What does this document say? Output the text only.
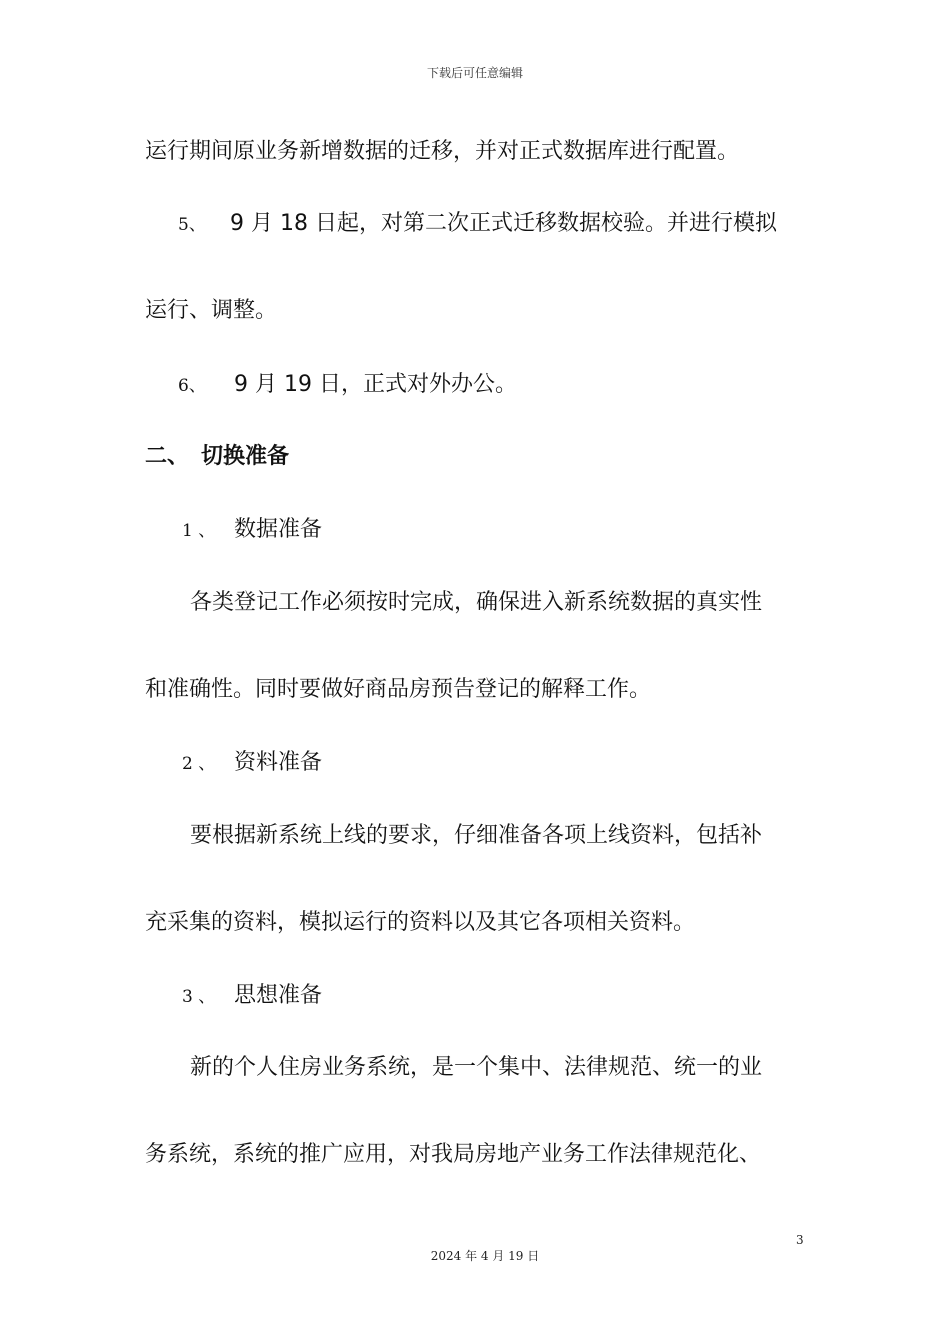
下载后可任意编辑
运行期间原业务新增数据的迁移，并对正式数据库进行配置。
5、 9 月 18 日起，对第二次正式迁移数据校验。并进行模拟
运行、调整。
6、 9 月 19 日，正式对外办公。
二、 切换准备
1 、 数据准备
各类登记工作必须按时完成，确保进入新系统数据的真实性
和准确性。同时要做好商品房预告登记的解释工作。
2 、 资料准备
要根据新系统上线的要求，仔细准备各项上线资料，包括补
充采集的资料，模拟运行的资料以及其它各项相关资料。
3 、 思想准备
新的个人住房业务系统，是一个集中、法律规范、统一的业
务系统，系统的推广应用，对我局房地产业务工作法律规范化、
3
2024 年 4 月 19 日
